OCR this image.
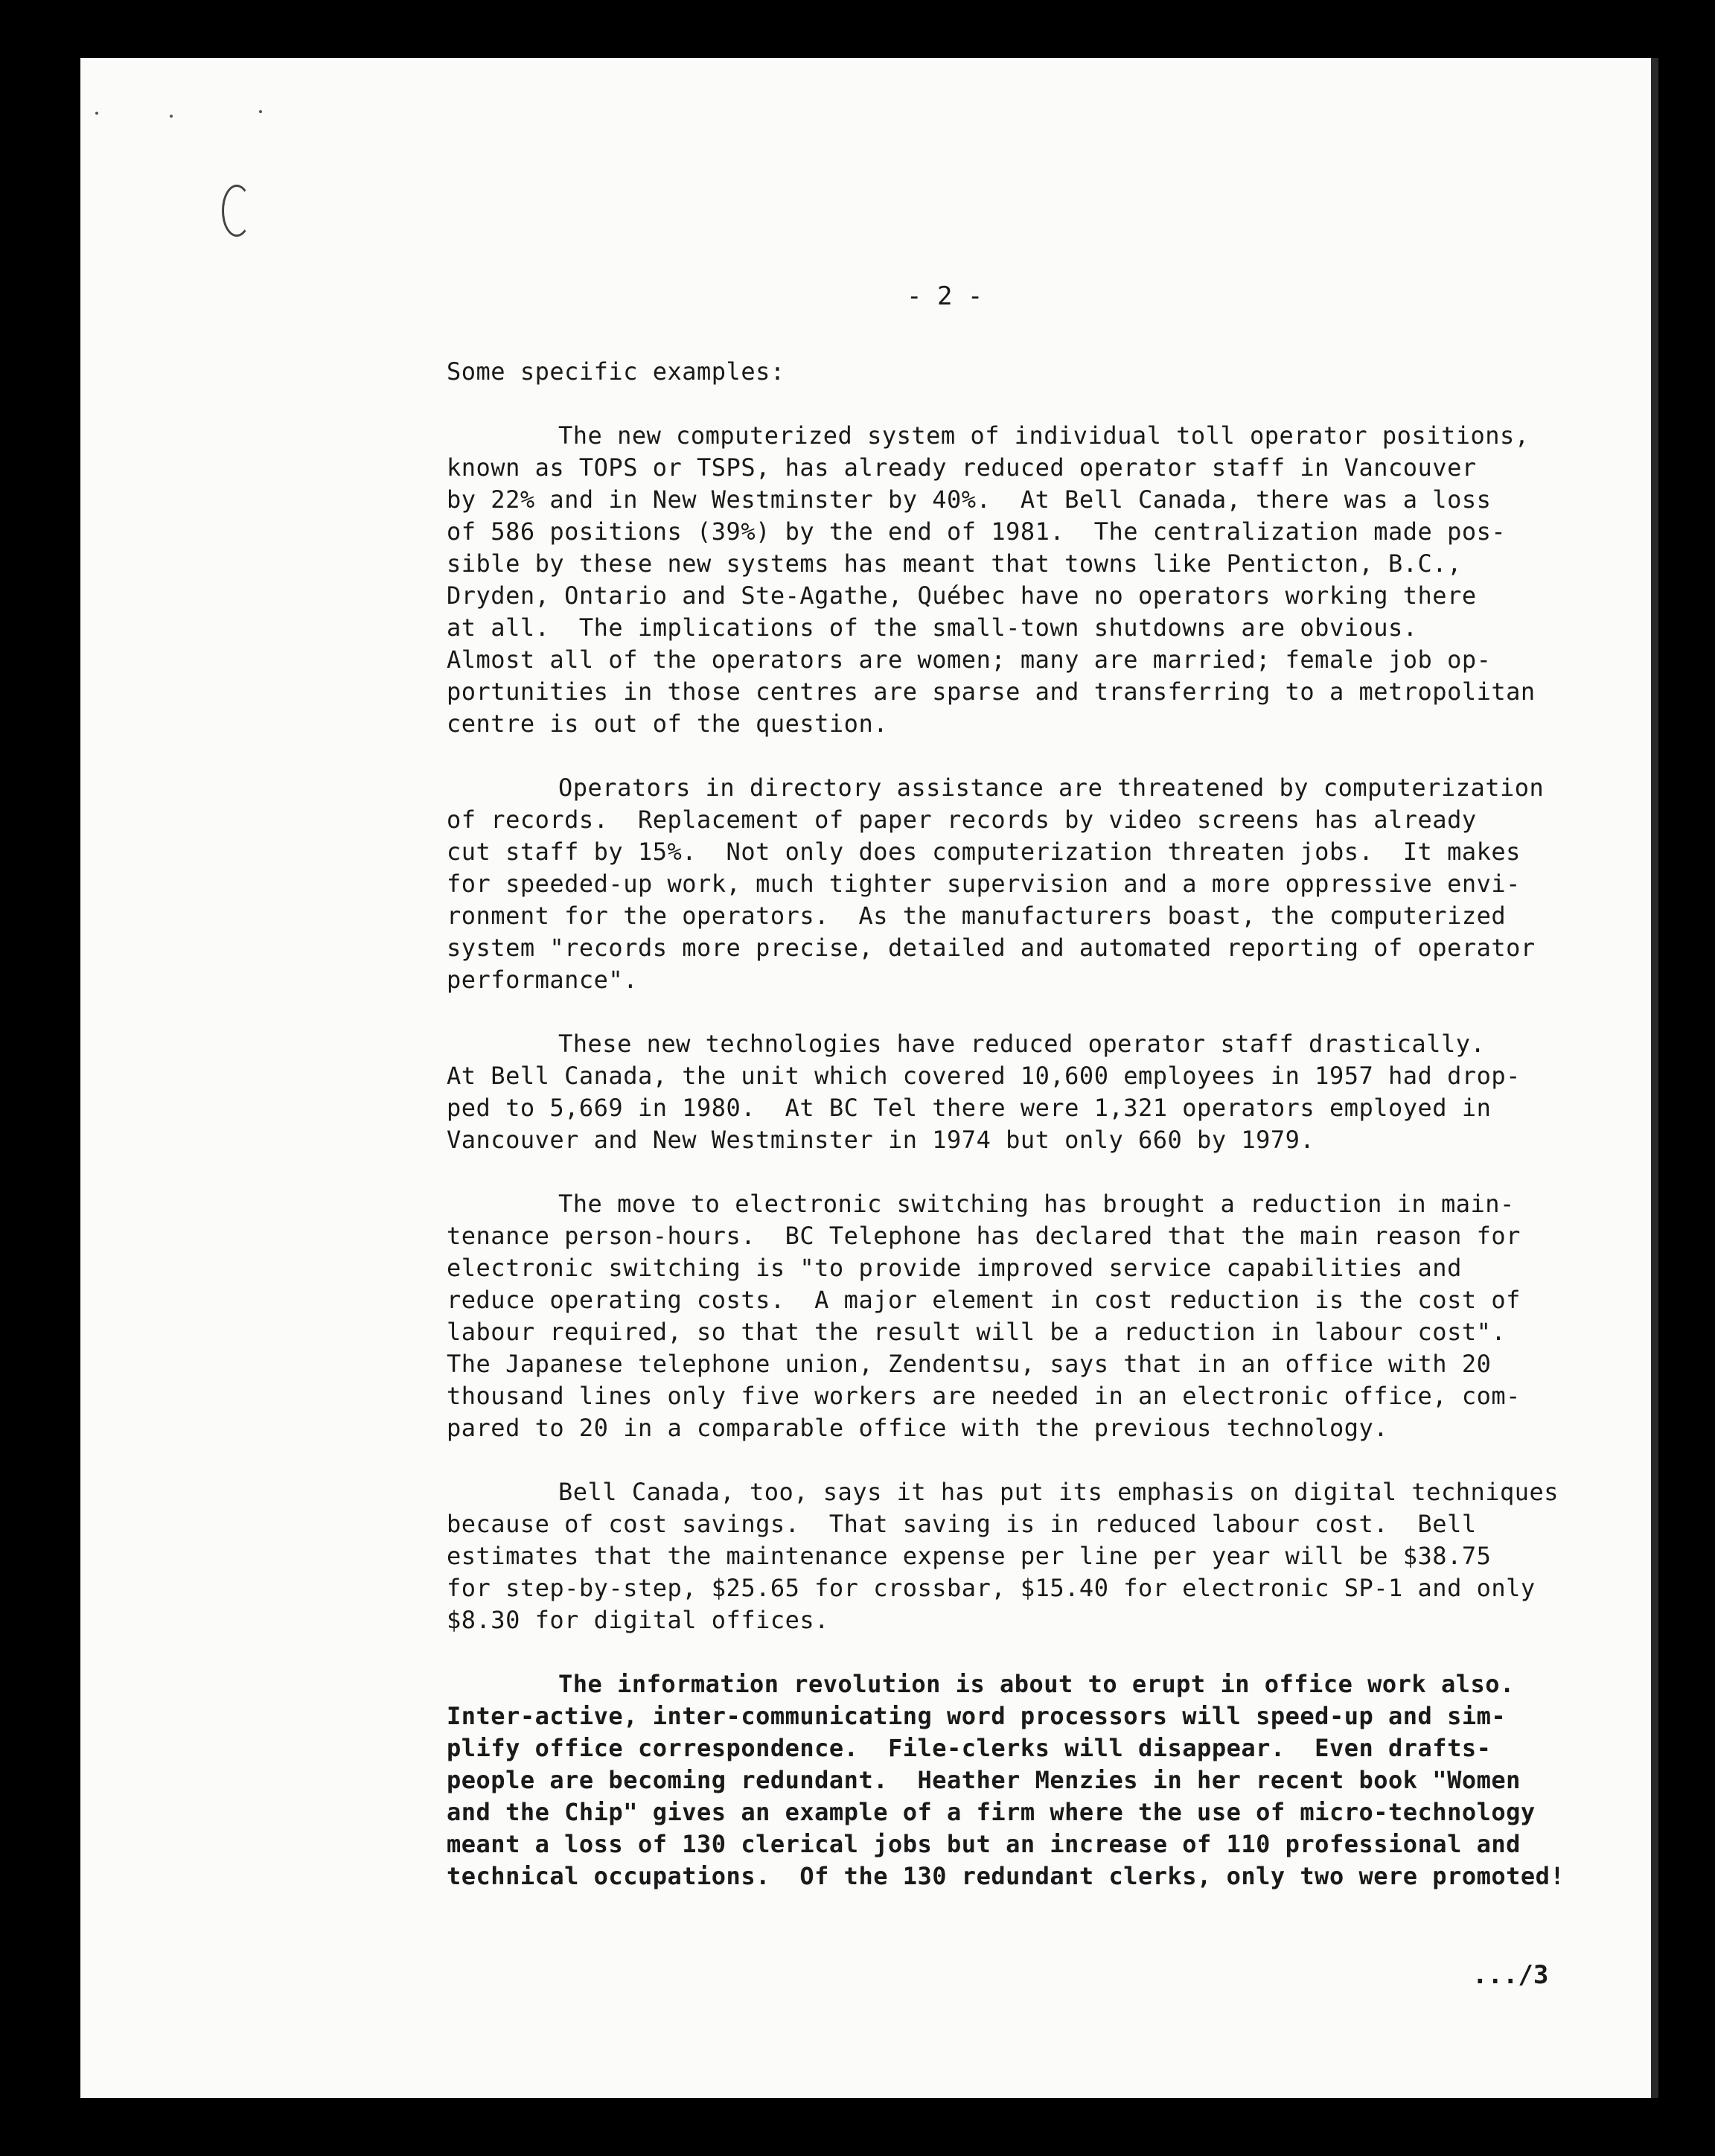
- 2 -
Some specific examples:
The new computerized system of individual toll operator positions,
known as TOPS or TSPS, has already reduced operator staff in Vancouver
by 22% and in New Westminster by 40%.  At Bell Canada, there was a loss
of 586 positions (39%) by the end of 1981.  The centralization made pos-
sible by these new systems has meant that towns like Penticton, B.C.,
Dryden, Ontario and Ste-Agathe, Québec have no operators working there
at all.  The implications of the small-town shutdowns are obvious.
Almost all of the operators are women; many are married; female job op-
portunities in those centres are sparse and transferring to a metropolitan
centre is out of the question.
Operators in directory assistance are threatened by computerization
of records.  Replacement of paper records by video screens has already
cut staff by 15%.  Not only does computerization threaten jobs.  It makes
for speeded-up work, much tighter supervision and a more oppressive envi-
ronment for the operators.  As the manufacturers boast, the computerized
system "records more precise, detailed and automated reporting of operator
performance".
These new technologies have reduced operator staff drastically.
At Bell Canada, the unit which covered 10,600 employees in 1957 had drop-
ped to 5,669 in 1980.  At BC Tel there were 1,321 operators employed in
Vancouver and New Westminster in 1974 but only 660 by 1979.
The move to electronic switching has brought a reduction in main-
tenance person-hours.  BC Telephone has declared that the main reason for
electronic switching is "to provide improved service capabilities and
reduce operating costs.  A major element in cost reduction is the cost of
labour required, so that the result will be a reduction in labour cost".
The Japanese telephone union, Zendentsu, says that in an office with 20
thousand lines only five workers are needed in an electronic office, com-
pared to 20 in a comparable office with the previous technology.
Bell Canada, too, says it has put its emphasis on digital techniques
because of cost savings.  That saving is in reduced labour cost.  Bell
estimates that the maintenance expense per line per year will be $38.75
for step-by-step, $25.65 for crossbar, $15.40 for electronic SP-1 and only
$8.30 for digital offices.
The information revolution is about to erupt in office work also.
Inter-active, inter-communicating word processors will speed-up and sim-
plify office correspondence.  File-clerks will disappear.  Even drafts-
people are becoming redundant.  Heather Menzies in her recent book "Women
and the Chip" gives an example of a firm where the use of micro-technology
meant a loss of 130 clerical jobs but an increase of 110 professional and
technical occupations.  Of the 130 redundant clerks, only two were promoted!
.../3
